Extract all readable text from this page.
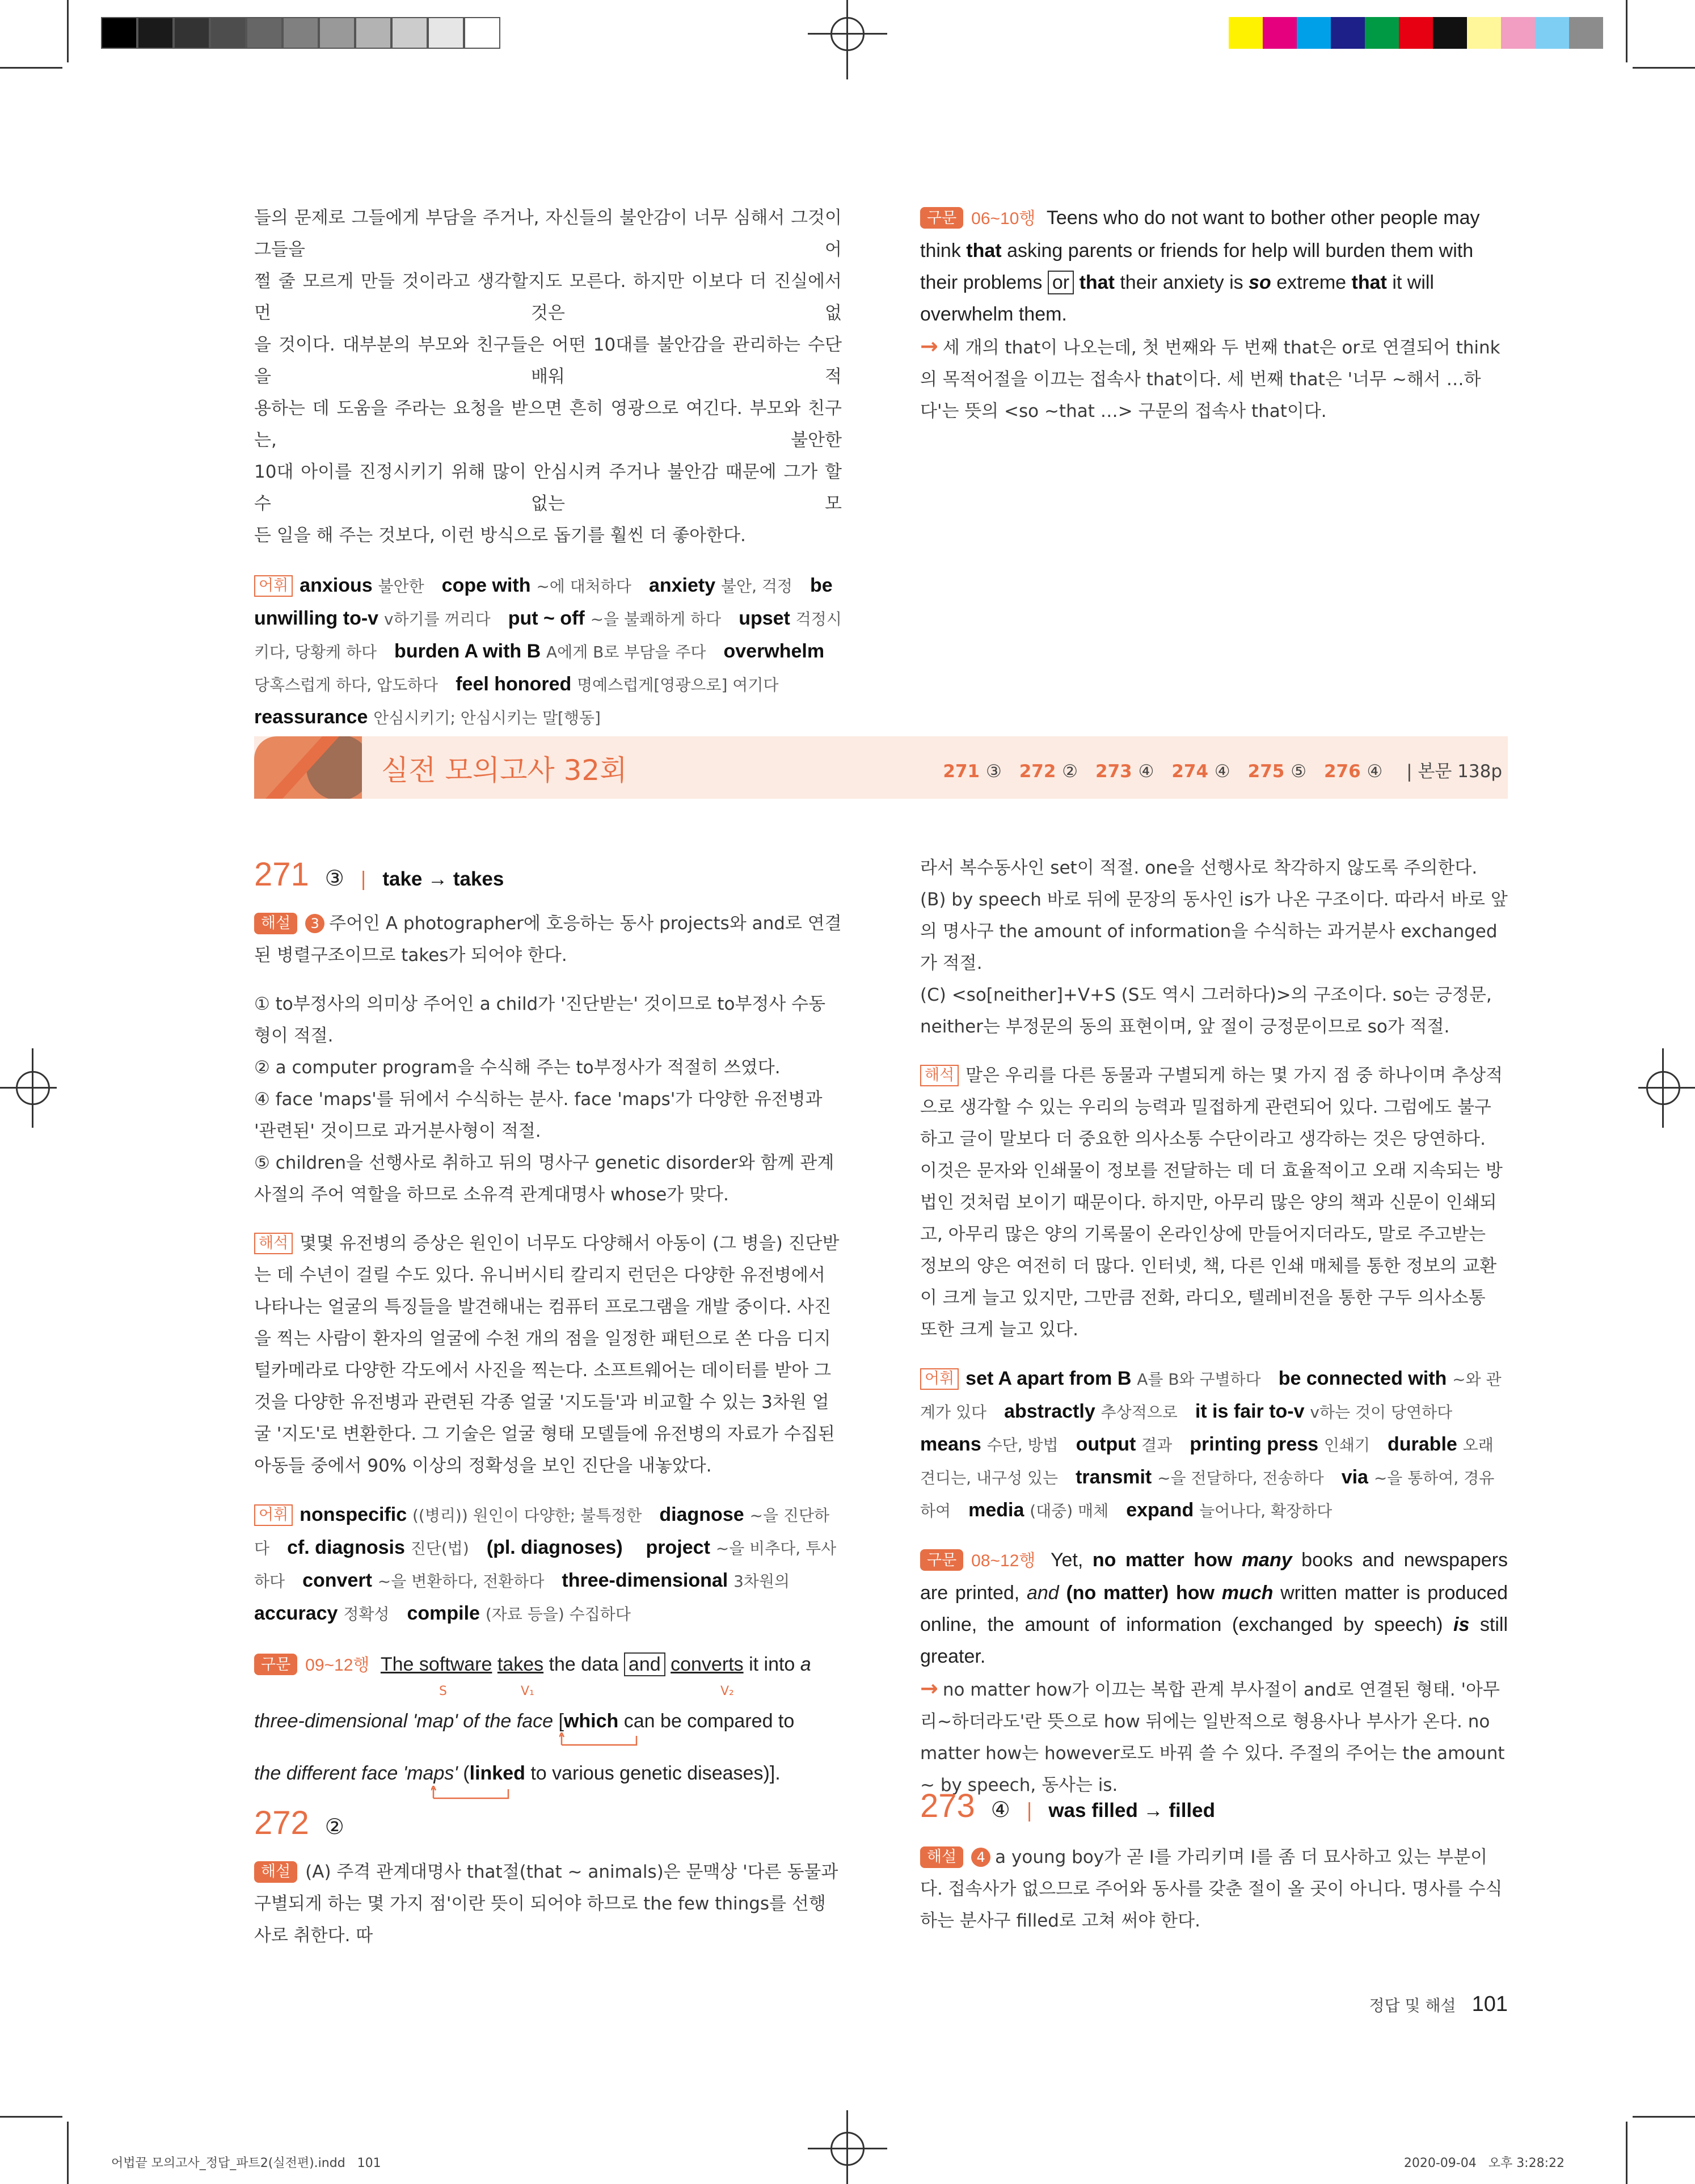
들의 문제로 그들에게 부담을 주거나, 자신들의 불안감이 너무 심해서 그것이 그들을 어

쩔 줄 모르게 만들 것이라고 생각할지도 모른다. 하지만 이보다 더 진실에서 먼 것은 없

을 것이다. 대부분의 부모와 친구들은 어떤 10대를 불안감을 관리하는 수단을 배워 적

용하는 데 도움을 주라는 요청을 받으면 흔히 영광으로 여긴다. 부모와 친구는, 불안한

10대 아이를 진정시키기 위해 많이 안심시켜 주거나 불안감 때문에 그가 할 수 없는 모

든 일을 해 주는 것보다, 이런 방식으로 돕기를 훨씬 더 좋아한다.

어휘 anxious 불안한  cope with ~에 대처하다  anxiety 불안, 걱정  be unwilling to-v v하기를 꺼리다  put ~ off ~을 불쾌하게 하다  upset 걱정시키다, 당황케 하다  burden A with B A에게 B로 부담을 주다  overwhelm 당혹스럽게 하다, 압도하다  feel honored 명예스럽게[영광으로] 여기다 reassurance 안심시키기; 안심시키는 말[행동] 

구문 06~10행 Teens who do not want to bother other people may think that asking parents or friends for help will burden them with their problems or that their anxiety is so extreme that it will overwhelm them.

→ 세 개의 that이 나오는데, 첫 번째와 두 번째 that은 or로 연결되어 think의 목적어절을 이끄는 접속사 that이다. 세 번째 that은 '너무 ~해서 …하다'는 뜻의 <so ~that …> 구문의 접속사 that이다.

실전 모의고사 32회	271 ③  272 ②  273 ④  274 ④  275 ⑤  276 ④  | 본문 138p
271 ③ | take → takes

해설 3 주어인 A photographer에 호응하는 동사 projects와 and로 연결된 병렬구조이므로 takes가 되어야 한다.

① to부정사의 의미상 주어인 a child가 '진단받는' 것이므로 to부정사 수동형이 적절.

② a computer program을 수식해 주는 to부정사가 적절히 쓰였다.

④ face 'maps'를 뒤에서 수식하는 분사. face 'maps'가 다양한 유전병과 '관련된' 것이므로 과거분사형이 적절.

⑤ children을 선행사로 취하고 뒤의 명사구 genetic disorder와 함께 관계사절의 주어 역할을 하므로 소유격 관계대명사 whose가 맞다.

해석 몇몇 유전병의 증상은 원인이 너무도 다양해서 아동이 (그 병을) 진단받는 데 수년이 걸릴 수도 있다. 유니버시티 칼리지 런던은 다양한 유전병에서 나타나는 얼굴의 특징들을 발견해내는 컴퓨터 프로그램을 개발 중이다. 사진을 찍는 사람이 환자의 얼굴에 수천 개의 점을 일정한 패턴으로 쏜 다음 디지털카메라로 다양한 각도에서 사진을 찍는다. 소프트웨어는 데이터를 받아 그것을 다양한 유전병과 관련된 각종 얼굴 '지도들'과 비교할 수 있는 3차원 얼굴 '지도'로 변환한다. 그 기술은 얼굴 형태 모델들에 유전병의 자료가 수집된 아동들 중에서 90% 이상의 정확성을 보인 진단을 내놓았다.

어휘 nonspecific ((병리)) 원인이 다양한; 불특정한  diagnose ~을 진단하다  cf. diagnosis 진단(법)  (pl. diagnoses)   project ~을 비추다, 투사하다  convert ~을 변환하다, 전환하다  three-dimensional 3차원의 accuracy 정확성  compile (자료 등을) 수집하다 
구문 09~12행 The software takes the data and converts it into a
S	V₁	V₂
three-dimensional 'map' of the face [which can be compared to
the different face 'maps' (linked to various genetic diseases)].
272 ②

해설 (A) 주격 관계대명사 that절(that ~ animals)은 문맥상 '다른 동물과 구별되게 하는 몇 가지 점'이란 뜻이 되어야 하므로 the few things를 선행사로 취한다. 따

라서 복수동사인 set이 적절. one을 선행사로 착각하지 않도록 주의한다.

(B) by speech 바로 뒤에 문장의 동사인 is가 나온 구조이다. 따라서 바로 앞의 명사구 the amount of information을 수식하는 과거분사 exchanged가 적절.

(C) <so[neither]+V+S (S도 역시 그러하다)>의 구조이다. so는 긍정문, neither는 부정문의 동의 표현이며, 앞 절이 긍정문이므로 so가 적절.

해석 말은 우리를 다른 동물과 구별되게 하는 몇 가지 점 중 하나이며 추상적으로 생각할 수 있는 우리의 능력과 밀접하게 관련되어 있다. 그럼에도 불구하고 글이 말보다 더 중요한 의사소통 수단이라고 생각하는 것은 당연하다. 이것은 문자와 인쇄물이 정보를 전달하는 데 더 효율적이고 오래 지속되는 방법인 것처럼 보이기 때문이다. 하지만, 아무리 많은 양의 책과 신문이 인쇄되고, 아무리 많은 양의 기록물이 온라인상에 만들어지더라도, 말로 주고받는 정보의 양은 여전히 더 많다. 인터넷, 책, 다른 인쇄 매체를 통한 정보의 교환이 크게 늘고 있지만, 그만큼 전화, 라디오, 텔레비전을 통한 구두 의사소통 또한 크게 늘고 있다.

어휘 set A apart from B A를 B와 구별하다  be connected with ~와 관계가 있다  abstractly 추상적으로  it is fair to-v v하는 것이 당연하다 means 수단, 방법  output 결과  printing press 인쇄기  durable 오래 견디는, 내구성 있는  transmit ~을 전달하다, 전송하다  via ~을 통하여, 경유하여  media (대중) 매체  expand 늘어나다, 확장하다 

구문 08~12행 Yet, no matter how many books and newspapers are printed, and (no matter) how much written matter is produced online, the amount of information (exchanged by speech) is still greater.

→ no matter how가 이끄는 복합 관계 부사절이 and로 연결된 형태. '아무리~하더라도'란 뜻으로 how 뒤에는 일반적으로 형용사나 부사가 온다. no matter how는 however로도 바꿔 쓸 수 있다. 주절의 주어는 the amount ~ by speech, 동사는 is.

273 ④ | was filled → filled

해설 4 a young boy가 곧 I를 가리키며 I를 좀 더 묘사하고 있는 부분이다. 접속사가 없으므로 주어와 동사를 갖춘 절이 올 곳이 아니다. 명사를 수식하는 분사구 filled로 고쳐 써야 한다.

정답 및 해설 101
어법끝 모의고사_정답_파트2(실전편).indd   101	2020-09-04   오후 3:28:22
